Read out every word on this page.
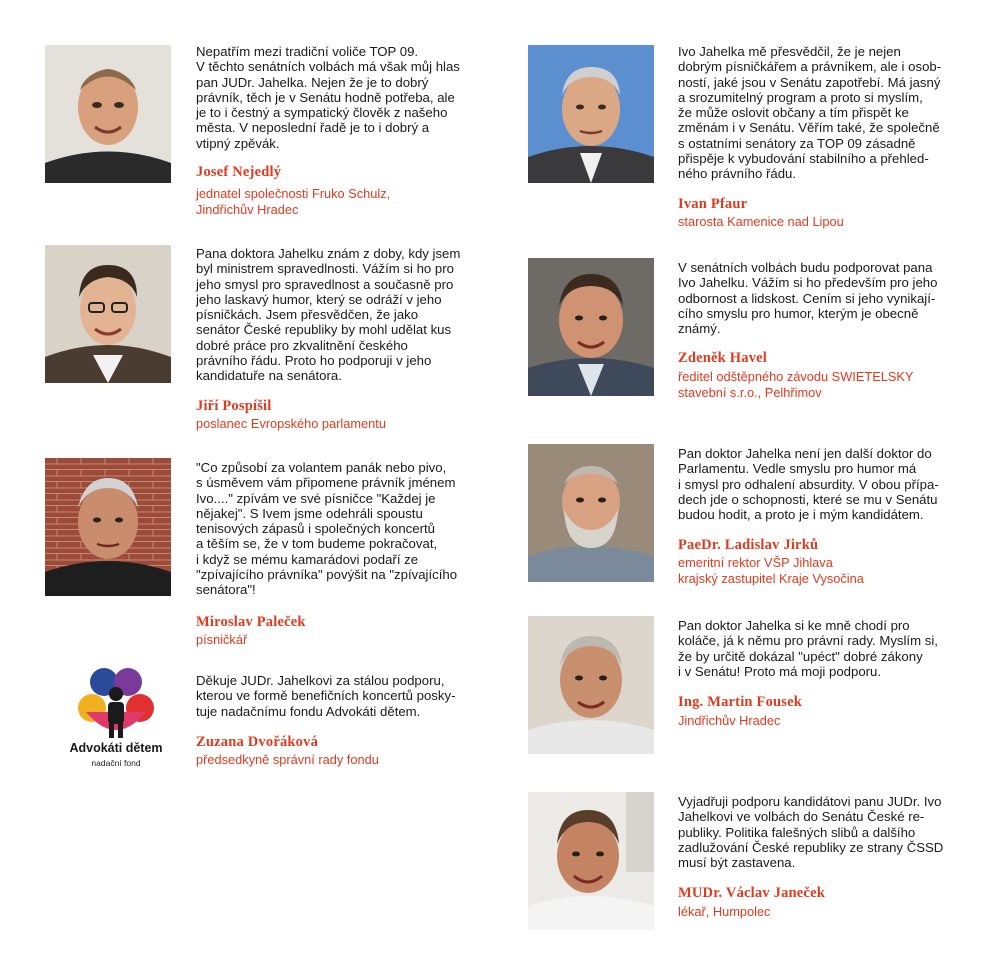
Nepatřím mezi tradiční voliče TOP 09.
V těchto senátních volbách má však můj hlas
pan JUDr. Jahelka. Nejen že je to dobrý
právník, těch je v Senátu hodně potřeba, ale
je to i čestný a sympatický člověk z našeho
města. V neposlední řadě je to i dobrý a
vtipný zpěvák.

Josef Nejedlý

jednatel společnosti Fruko Schulz,
Jindřichův Hradec

Pana doktora Jahelku znám z doby, kdy jsem
byl ministrem spravedlnosti. Vážím si ho pro
jeho smysl pro spravedlnost a současně pro
jeho laskavý humor, který se odráží v jeho
písničkách. Jsem přesvědčen, že jako
senátor České republiky by mohl udělat kus
dobré práce pro zkvalitnění českého
právního řádu. Proto ho podporuji v jeho
kandidatuře na senátora.

Jiří Pospíšil

poslanec Evropského parlamentu

"Co způsobí za volantem panák nebo pivo,
s úsměvem vám připomene právník jménem
Ivo...." zpívám ve své písničce "Každej je
nějakej". S Ivem jsme odehráli spoustu
tenisových zápasů i společných koncertů
a těším se, že v tom budeme pokračovat,
i když se mému kamarádovi podaří ze
"zpívajícího právníka" povýšit na "zpívajícího
senátora"!

Miroslav Paleček

písničkář

Advokáti dětem
nadační fond

Děkuje JUDr. Jahelkovi za stálou podporu,
kterou ve formě benefičních koncertů posky-
tuje nadačnímu fondu Advokáti dětem.

Zuzana Dvořáková

předsedkyně správní rady fondu

Ivo Jahelka mě přesvědčil, že je nejen
dobrým písničkářem a právníkem, ale i osob-
ností, jaké jsou v Senátu zapotřebí. Má jasný
a srozumitelný program a proto si myslím,
že může oslovit občany a tím přispět ke
změnám i v Senátu. Věřím také, že společně
s ostatními senátory za TOP 09 zásadně
přispěje k vybudování stabilního a přehled-
ného právního řádu.

Ivan Pfaur

starosta Kamenice nad Lipou

V senátních volbách budu podporovat pana
Ivo Jahelku. Vážím si ho především pro jeho
odbornost a lidskost. Cením si jeho vynikají-
cího smyslu pro humor, kterým je obecně
známý.

Zdeněk Havel

ředitel odštěpného závodu SWIETELSKY
stavební s.r.o., Pelhřimov

Pan doktor Jahelka není jen další doktor do
Parlamentu. Vedle smyslu pro humor má
i smysl pro odhalení absurdity. V obou přípa-
dech jde o schopnosti, které se mu v Senátu
budou hodit, a proto je i mým kandidátem.

PaeDr. Ladislav Jirků

emeritní rektor VŠP Jihlava
krajský zastupitel Kraje Vysočina

Pan doktor Jahelka si ke mně chodí pro
koláče, já k němu pro právní rady. Myslím si,
že by určitě dokázal "upéct" dobré zákony
i v Senátu! Proto má moji podporu.

Ing. Martin Fousek

Jindřichův Hradec

Vyjadřuji podporu kandidátovi panu JUDr. Ivo
Jahelkovi ve volbách do Senátu České re-
publiky. Politika falešných slibů a dalšího
zadlužování České republiky ze strany ČSSD
musí být zastavena.

MUDr. Václav Janeček

lékař, Humpolec
